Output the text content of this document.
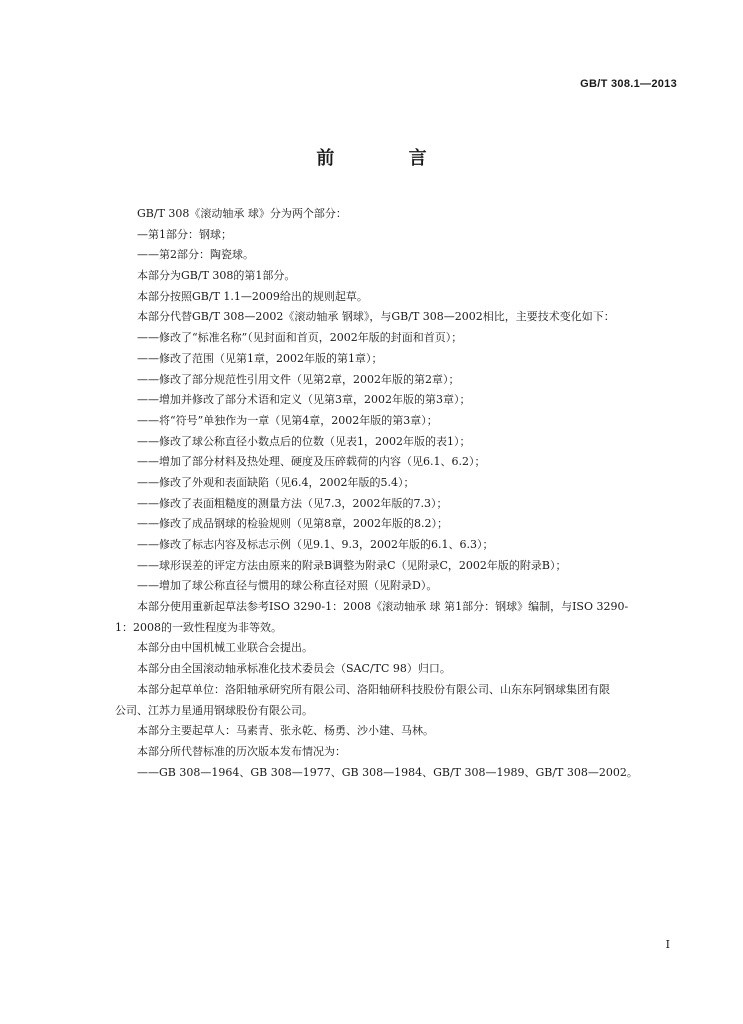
GB/T 308.1—2013
前 言
GB/T 308《滚动轴承 球》分为两个部分：
—第1部分：钢球；
——第2部分：陶瓷球。
本部分为GB/T 308的第1部分。
本部分按照GB/T 1.1—2009给出的规则起草。
本部分代替GB/T 308—2002《滚动轴承 钢球》，与GB/T 308—2002相比，主要技术变化如下：
——修改了“标准名称”（见封面和首页，2002年版的封面和首页）；
——修改了范围（见第1章，2002年版的第1章）；
——修改了部分规范性引用文件（见第2章，2002年版的第2章）；
——增加并修改了部分术语和定义（见第3章，2002年版的第3章）；
——将“符号”单独作为一章（见第4章，2002年版的第3章）；
——修改了球公称直径小数点后的位数（见表1，2002年版的表1）；
——增加了部分材料及热处理、硬度及压碎载荷的内容（见6.1、6.2）；
——修改了外观和表面缺陷（见6.4，2002年版的5.4）；
——修改了表面粗糙度的测量方法（见7.3，2002年版的7.3）；
——修改了成品钢球的检验规则（见第8章，2002年版的8.2）；
——修改了标志内容及标志示例（见9.1、9.3，2002年版的6.1、6.3）；
——球形误差的评定方法由原来的附录B调整为附录C（见附录C，2002年版的附录B）；
——增加了球公称直径与惯用的球公称直径对照（见附录D）。
本部分使用重新起草法参考ISO 3290-1：2008《滚动轴承 球 第1部分：钢球》编制，与ISO 3290-
1：2008的一致性程度为非等效。
本部分由中国机械工业联合会提出。
本部分由全国滚动轴承标准化技术委员会（SAC/TC 98）归口。
本部分起草单位：洛阳轴承研究所有限公司、洛阳轴研科技股份有限公司、山东东阿钢球集团有限
公司、江苏力星通用钢球股份有限公司。
本部分主要起草人：马素青、张永乾、杨勇、沙小建、马林。
本部分所代替标准的历次版本发布情况为：
——GB 308—1964、GB 308—1977、GB 308—1984、GB/T 308—1989、GB/T 308—2002。
I
